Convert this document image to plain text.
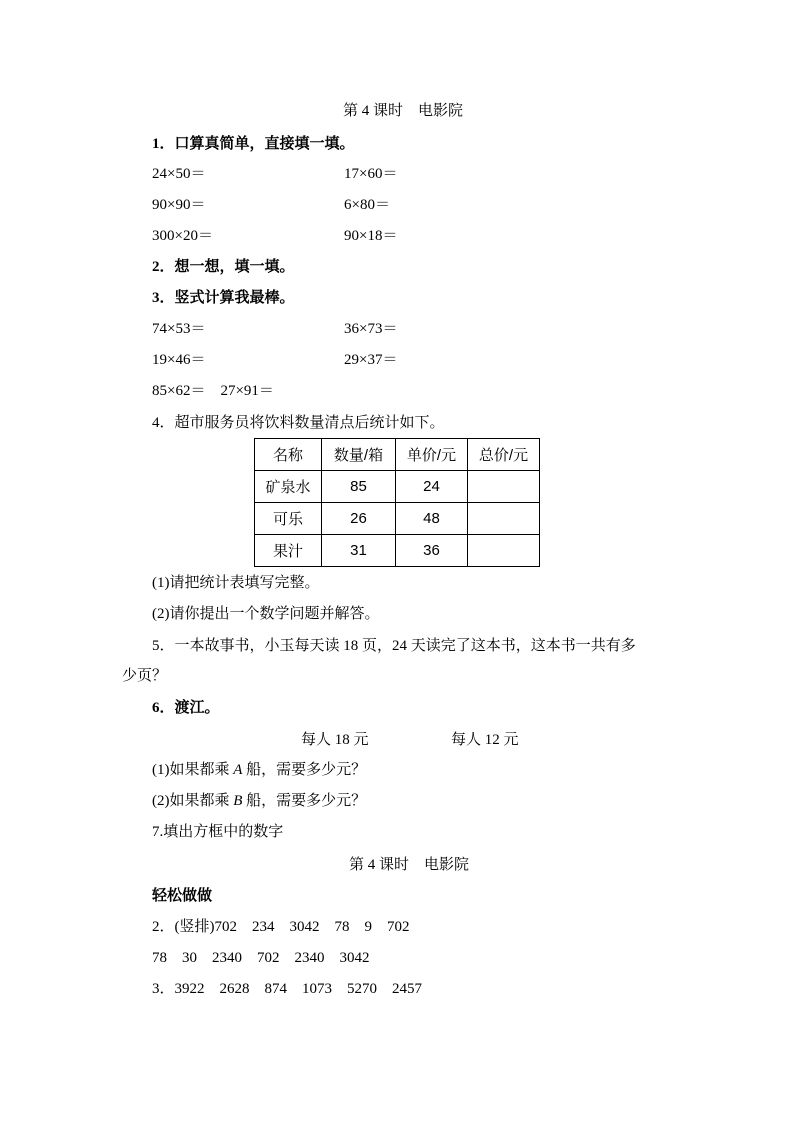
第 4 课时　电影院
1．口算真简单，直接填一填。
24×50＝	17×60＝
90×90＝	6×80＝
300×20＝	90×18＝
2．想一想，填一填。
3．竖式计算我最棒。
74×53＝	36×73＝
19×46＝	29×37＝
85×62＝　27×91＝
4．超市服务员将饮料数量清点后统计如下。
名称	数量/箱	单价/元	总价/元
矿泉水	85	24	
可乐	26	48	
果汁	31	36	
(1)请把统计表填写完整。
(2)请你提出一个数学问题并解答。
5．一本故事书，小玉每天读 18 页，24 天读完了这本书，这本书一共有多
少页？
6．渡江。
每人 18 元	每人 12 元
(1)如果都乘 A 船，需要多少元？
(2)如果都乘 B 船，需要多少元？
7.填出方框中的数字
第 4 课时　电影院
轻松做做
2．(竖排)702　234　3042　78　9　702
78　30　2340　702　2340　3042
3．3922　2628　874　1073　5270　2457
